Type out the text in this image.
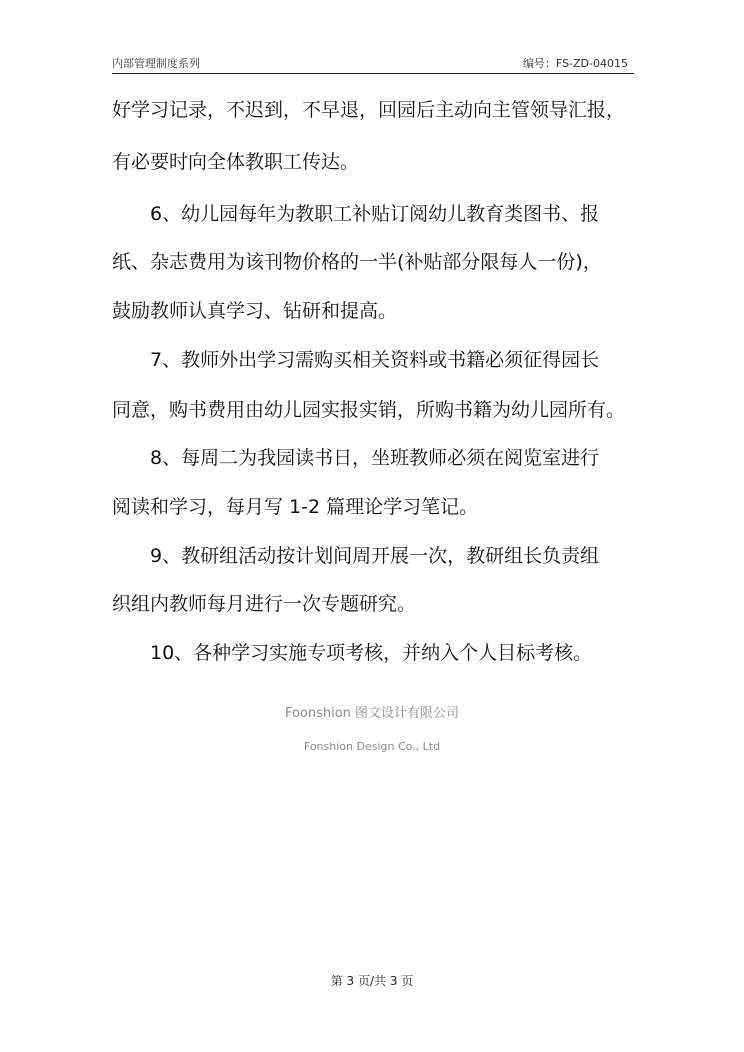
内部管理制度系列	编号：FS-ZD-04015
好学习记录，不迟到，不早退，回园后主动向主管领导汇报，
有必要时向全体教职工传达。
　　6、幼儿园每年为教职工补贴订阅幼儿教育类图书、报
纸、杂志费用为该刊物价格的一半(补贴部分限每人一份)，
鼓励教师认真学习、钻研和提高。
　　7、教师外出学习需购买相关资料或书籍必须征得园长
同意，购书费用由幼儿园实报实销，所购书籍为幼儿园所有。
　　8、每周二为我园读书日，坐班教师必须在阅览室进行
阅读和学习，每月写 1-2 篇理论学习笔记。
　　9、教研组活动按计划间周开展一次，教研组长负责组
织组内教师每月进行一次专题研究。
　　10、各种学习实施专项考核，并纳入个人目标考核。
Foonshion 图文设计有限公司
Fonshion Design Co., Ltd
第 3 页/共 3 页
